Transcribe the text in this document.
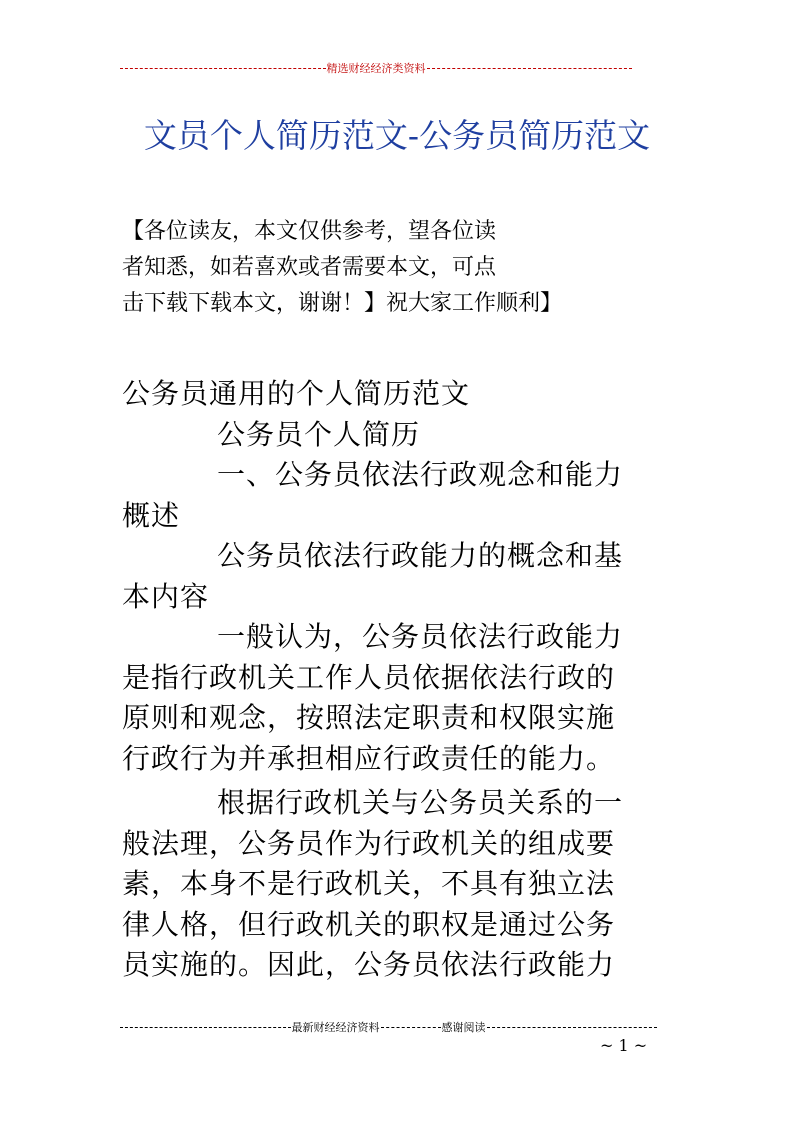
精选财经经济类资料
文员个人简历范文-公务员简历范文
【各位读友，本文仅供参考，望各位读
者知悉，如若喜欢或者需要本文，可点
击下载下载本文，谢谢！】祝大家工作顺利】
公务员通用的个人简历范文
公务员个人简历
一、公务员依法行政观念和能力
概述
公务员依法行政能力的概念和基
本内容
一般认为，公务员依法行政能力
是指行政机关工作人员依据依法行政的
原则和观念，按照法定职责和权限实施
行政行为并承担相应行政责任的能力。
根据行政机关与公务员关系的一
般法理，公务员作为行政机关的组成要
素，本身不是行政机关，不具有独立法
律人格，但行政机关的职权是通过公务
员实施的。因此，公务员依法行政能力
最新财经经济资料	感谢阅读
~ 1 ~
